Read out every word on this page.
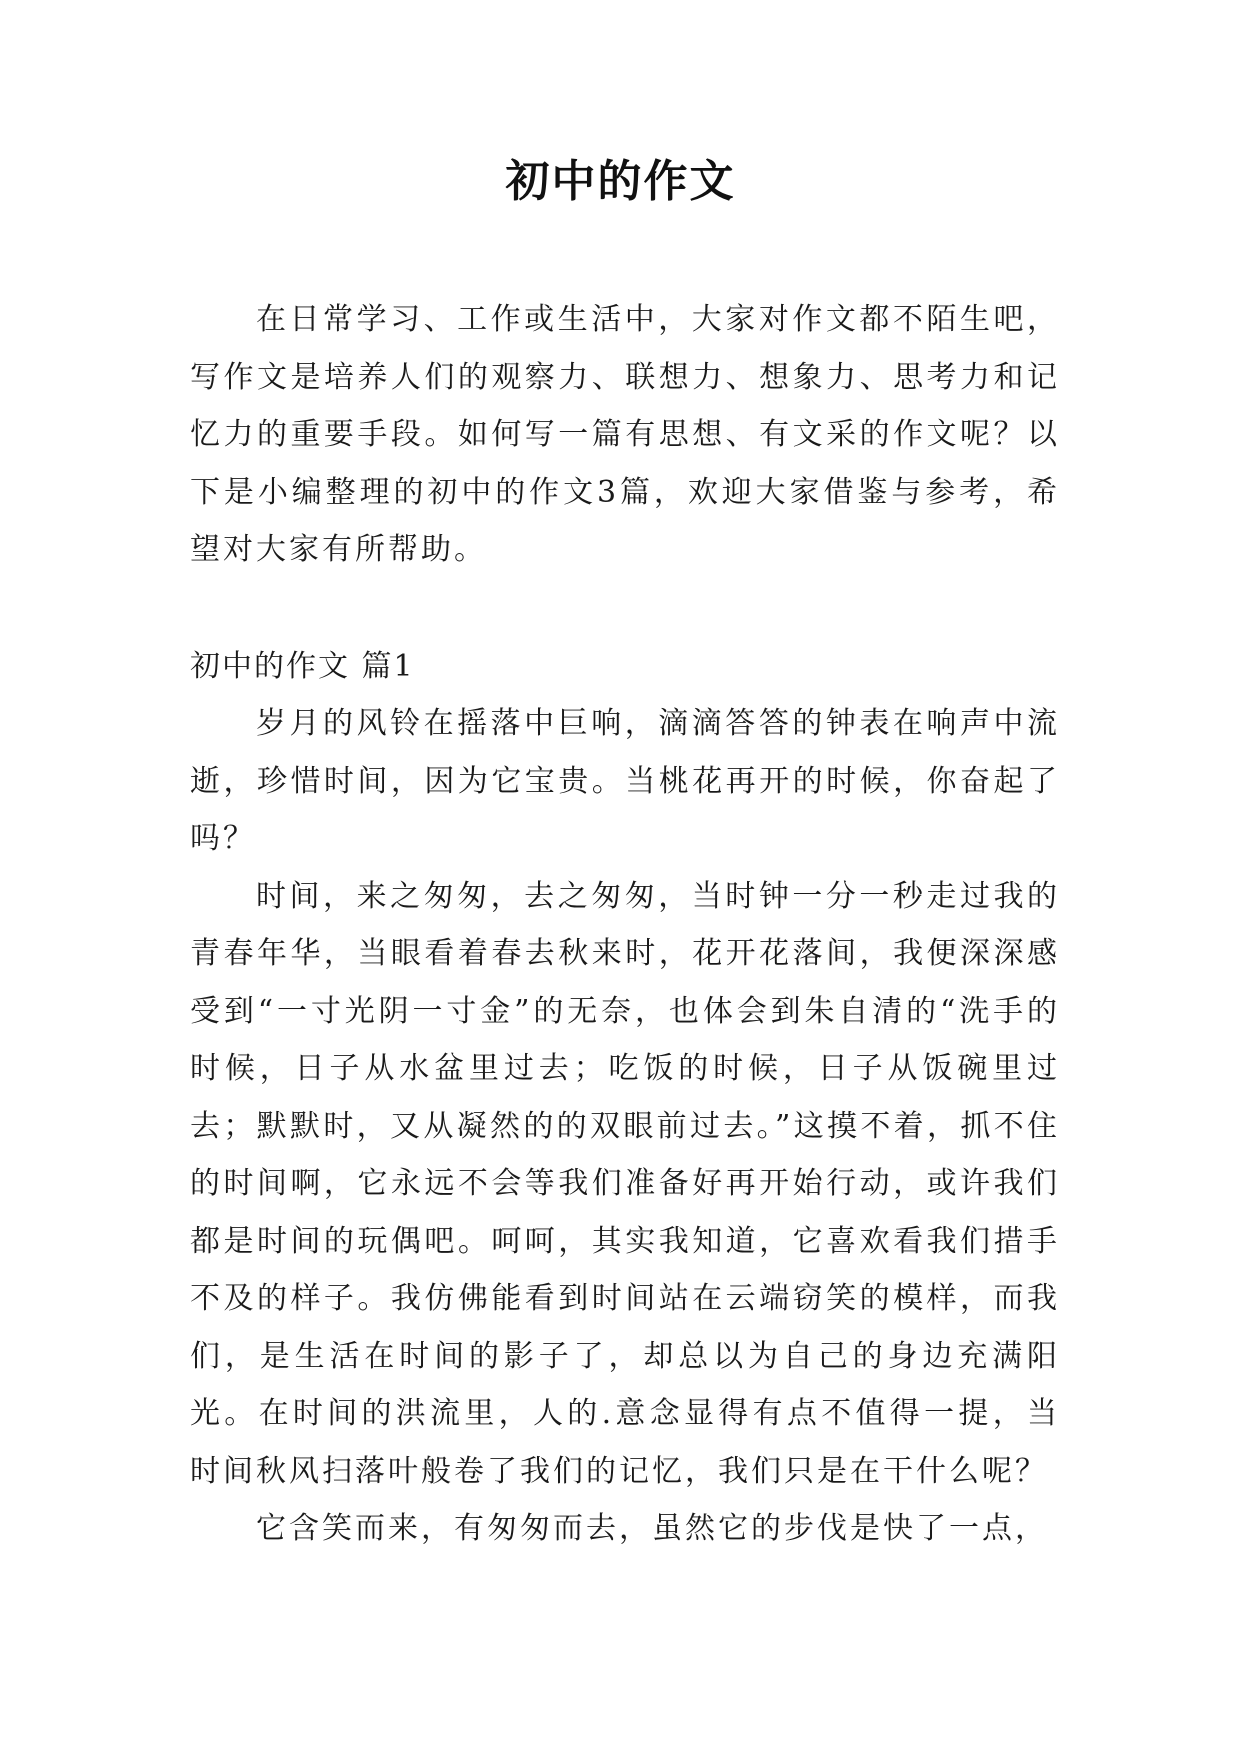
初中的作文

在日常学习、工作或生活中，大家对作文都不陌生吧，写作文是培养人们的观察力、联想力、想象力、思考力和记忆力的重要手段。如何写一篇有思想、有文采的作文呢？以下是小编整理的初中的作文3篇，欢迎大家借鉴与参考，希望对大家有所帮助。

初中的作文 篇1

岁月的风铃在摇落中巨响，滴滴答答的钟表在响声中流逝，珍惜时间，因为它宝贵。当桃花再开的时候，你奋起了吗？

时间，来之匆匆，去之匆匆，当时钟一分一秒走过我的青春年华，当眼看着春去秋来时，花开花落间，我便深深感受到“一寸光阴一寸金”的无奈，也体会到朱自清的“洗手的时候，日子从水盆里过去；吃饭的时候，日子从饭碗里过去；默默时，又从凝然的的双眼前过去。”这摸不着，抓不住的时间啊，它永远不会等我们准备好再开始行动，或许我们都是时间的玩偶吧。呵呵，其实我知道，它喜欢看我们措手不及的样子。我仿佛能看到时间站在云端窃笑的模样，而我们，是生活在时间的影子了，却总以为自己的身边充满阳光。在时间的洪流里，人的.意念显得有点不值得一提，当时间秋风扫落叶般卷了我们的记忆，我们只是在干什么呢？

它含笑而来，有匆匆而去，虽然它的步伐是快了一点，
